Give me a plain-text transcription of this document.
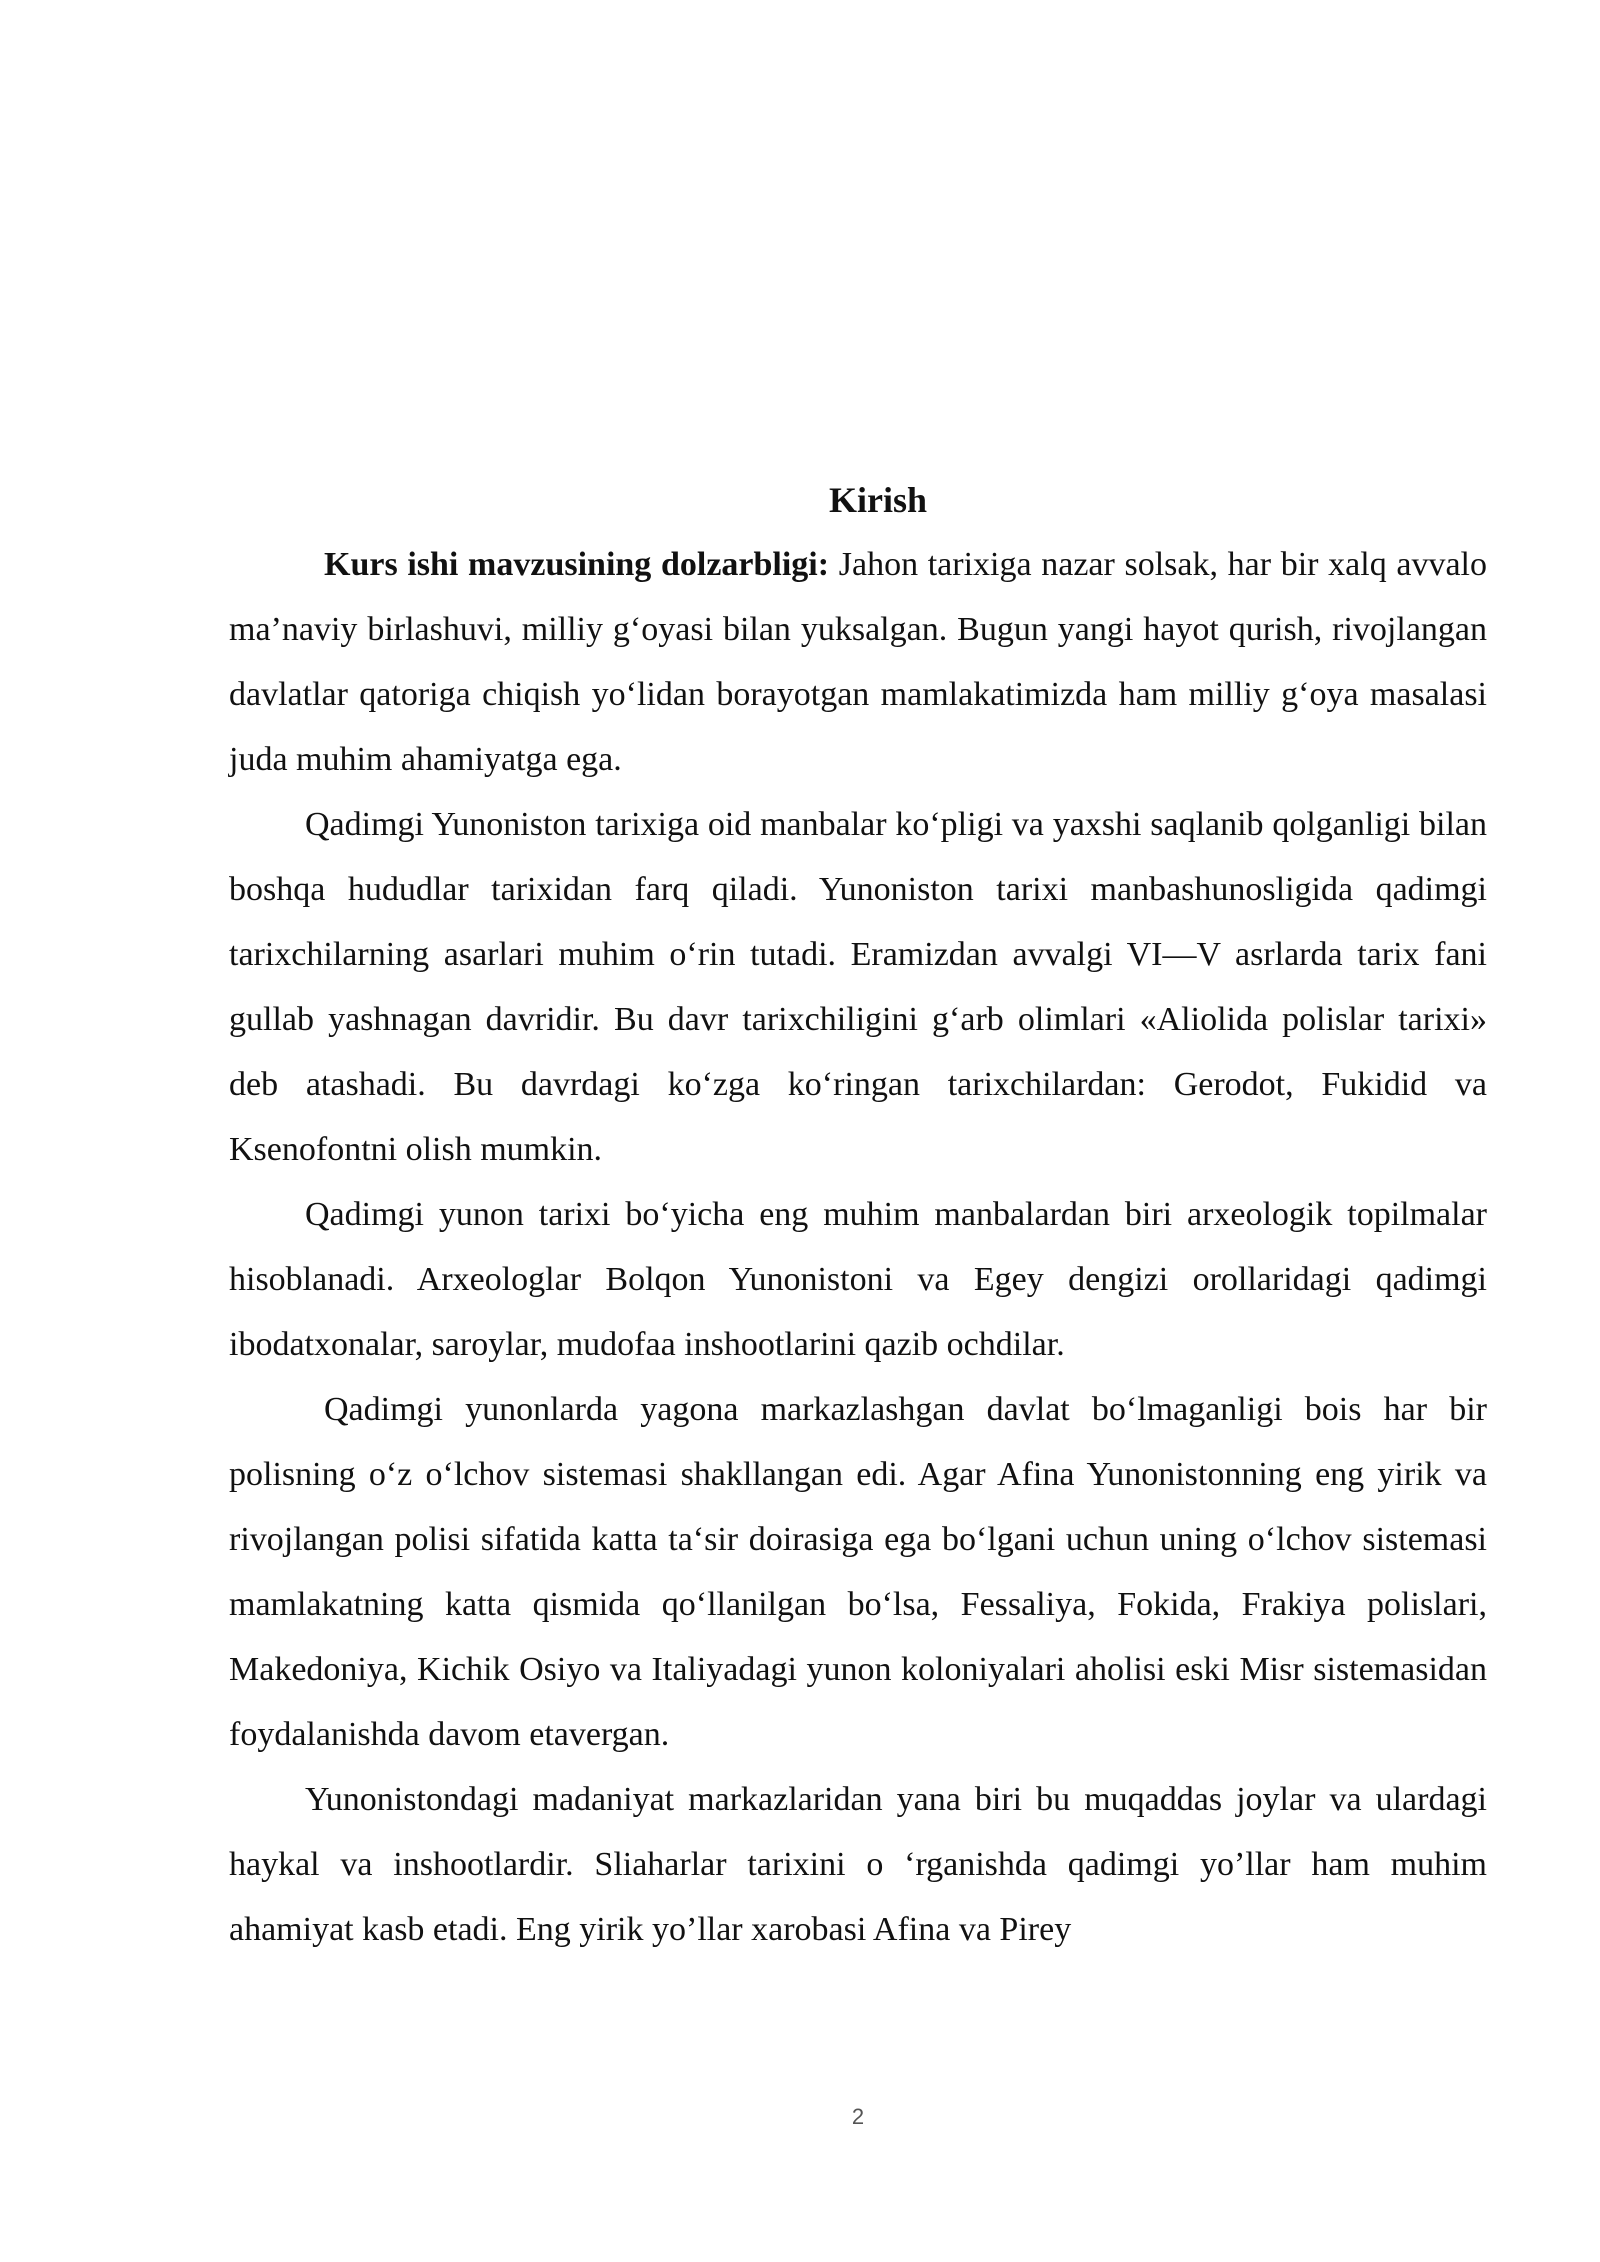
Kirish

Kurs ishi mavzusining dolzarbligi: Jahon tarixiga nazar solsak, har bir xalq avvalo ma’naviy birlashuvi, milliy g‘oyasi bilan yuksalgan. Bugun yangi hayot qurish, rivojlangan davlatlar qatoriga chiqish yo‘lidan borayotgan mamlakatimizda ham milliy g‘oya masalasi juda muhim ahamiyatga ega.

Qadimgi Yunoniston tarixiga oid manbalar ko‘pligi va yaxshi saqlanib qolganligi bilan boshqa hududlar tarixidan farq qiladi. Yunoniston tarixi manbashunosligida qadimgi tarixchilarning asarlari muhim o‘rin tutadi. Eramizdan avvalgi VI—V asrlarda tarix fani gullab yashnagan davridir. Bu davr tarixchiligini g‘arb olimlari «Aliolida polislar tarixi» deb atashadi. Bu davrdagi ko‘zga ko‘ringan tarixchilardan: Gerodot, Fukidid va Ksenofontni olish mumkin.

Qadimgi yunon tarixi bo‘yicha eng muhim manbalardan biri arxeologik topilmalar hisoblanadi. Arxeologlar Bolqon Yunonistoni va Egey dengizi orollaridagi qadimgi ibodatxonalar, saroylar, mudofaa inshootlarini qazib ochdilar.

Qadimgi yunonlarda yagona markazlashgan davlat bo‘lmaganligi bois har bir polisning o‘z o‘lchov sistemasi shakllangan edi. Agar Afina Yunonistonning eng yirik va rivojlangan polisi sifatida katta ta‘sir doirasiga ega bo‘lgani uchun uning o‘lchov sistemasi mamlakatning katta qismida qo‘llanilgan bo‘lsa, Fessaliya, Fokida, Frakiya polislari, Makedoniya, Kichik Osiyo va Italiyadagi yunon koloniyalari aholisi eski Misr sistemasidan foydalanishda davom etavergan.

Yunonistondagi madaniyat markazlaridan yana biri bu muqaddas joylar va ulardagi haykal va inshootlardir. Sliaharlar tarixini o ‘rganishda qadimgi yo’llar ham muhim ahamiyat kasb etadi. Eng yirik yo’llar xarobasi Afina va Pirey

2
